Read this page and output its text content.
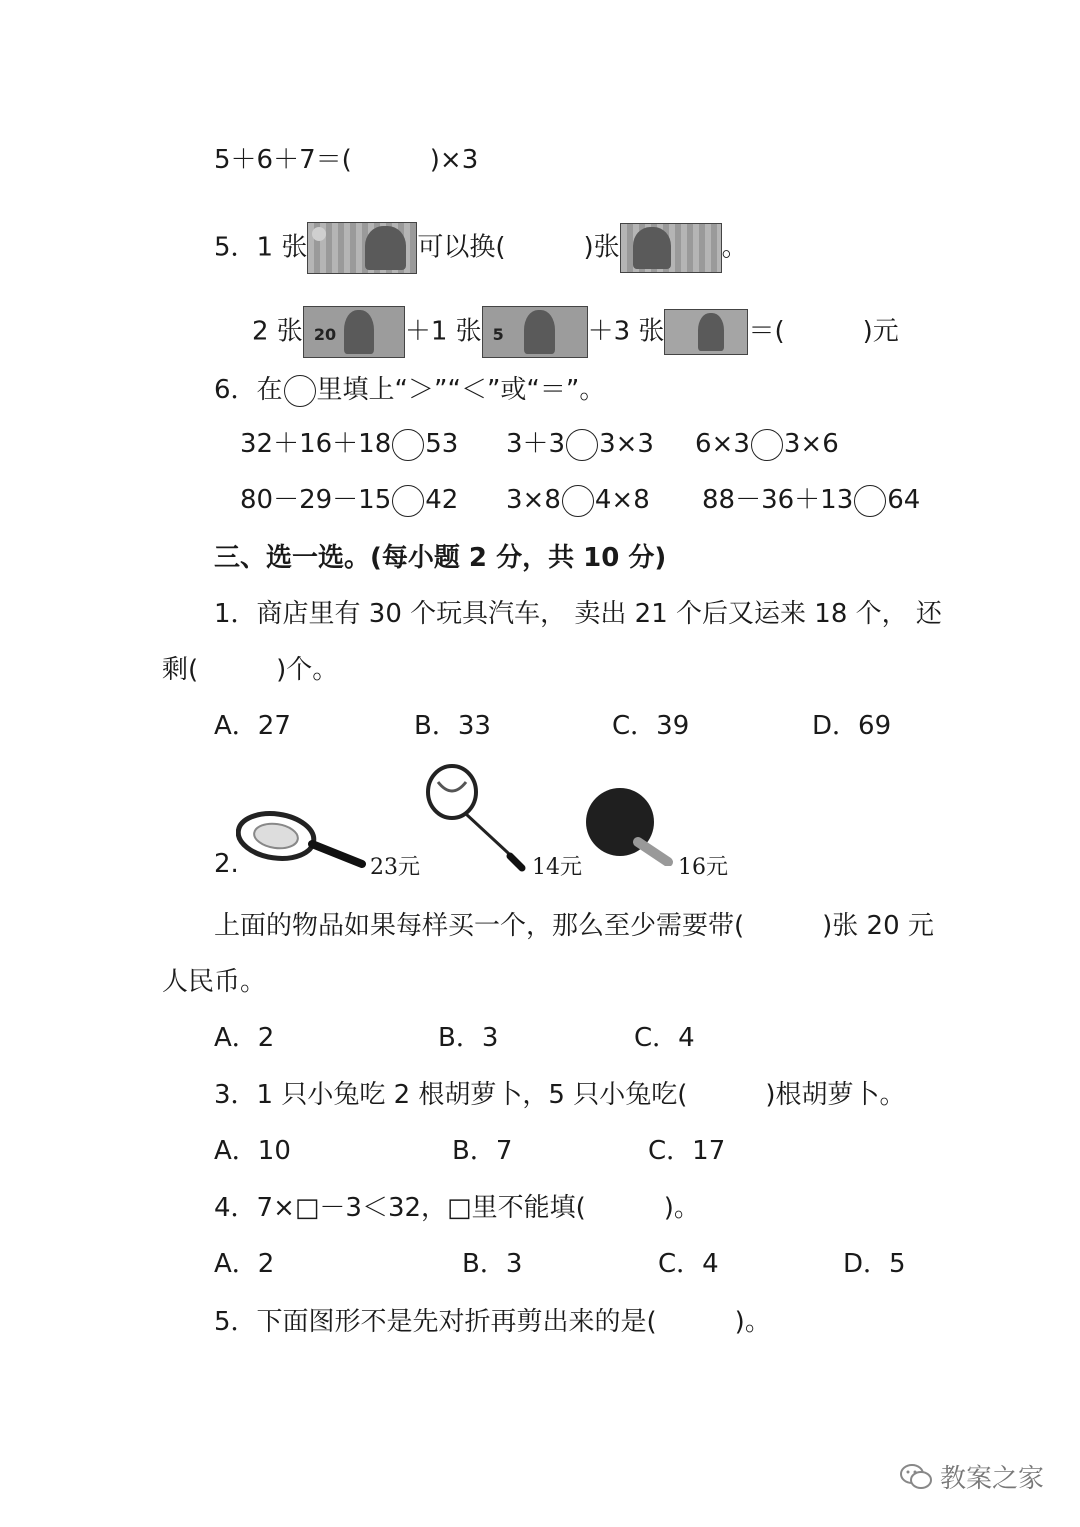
5＋6＋7＝(　　　)×3
5．1 张	可以换(　　　)张	。
2 张 20	＋1 张 5	＋3 张	＝(　　　)元
6．在 里填上“＞”“＜”或“＝”。
32＋16＋18 53 3＋3 3×3 6×3 3×6
80－29－15 42 3×8 4×8 88－36＋13 64
三、选一选。(每小题 2 分，共 10 分)
1．商店里有 30 个玩具汽车， 卖出 21 个后又运来 18 个， 还
剩(　　　)个。
A．27	B．33	C．39	D．69
2.	23元	14元	16元
上面的物品如果每样买一个，那么至少需要带(　　　)张 20 元
人民币。
A．2	B．3	C．4
3．1 只小兔吃 2 根胡萝卜，5 只小兔吃(　　　)根胡萝卜。
A．10	B．7	C．17
4．7×□－3＜32，□里不能填(　　　)。
A．2	B．3	C．4	D．5
5．下面图形不是先对折再剪出来的是(　　　)。
教案之家
